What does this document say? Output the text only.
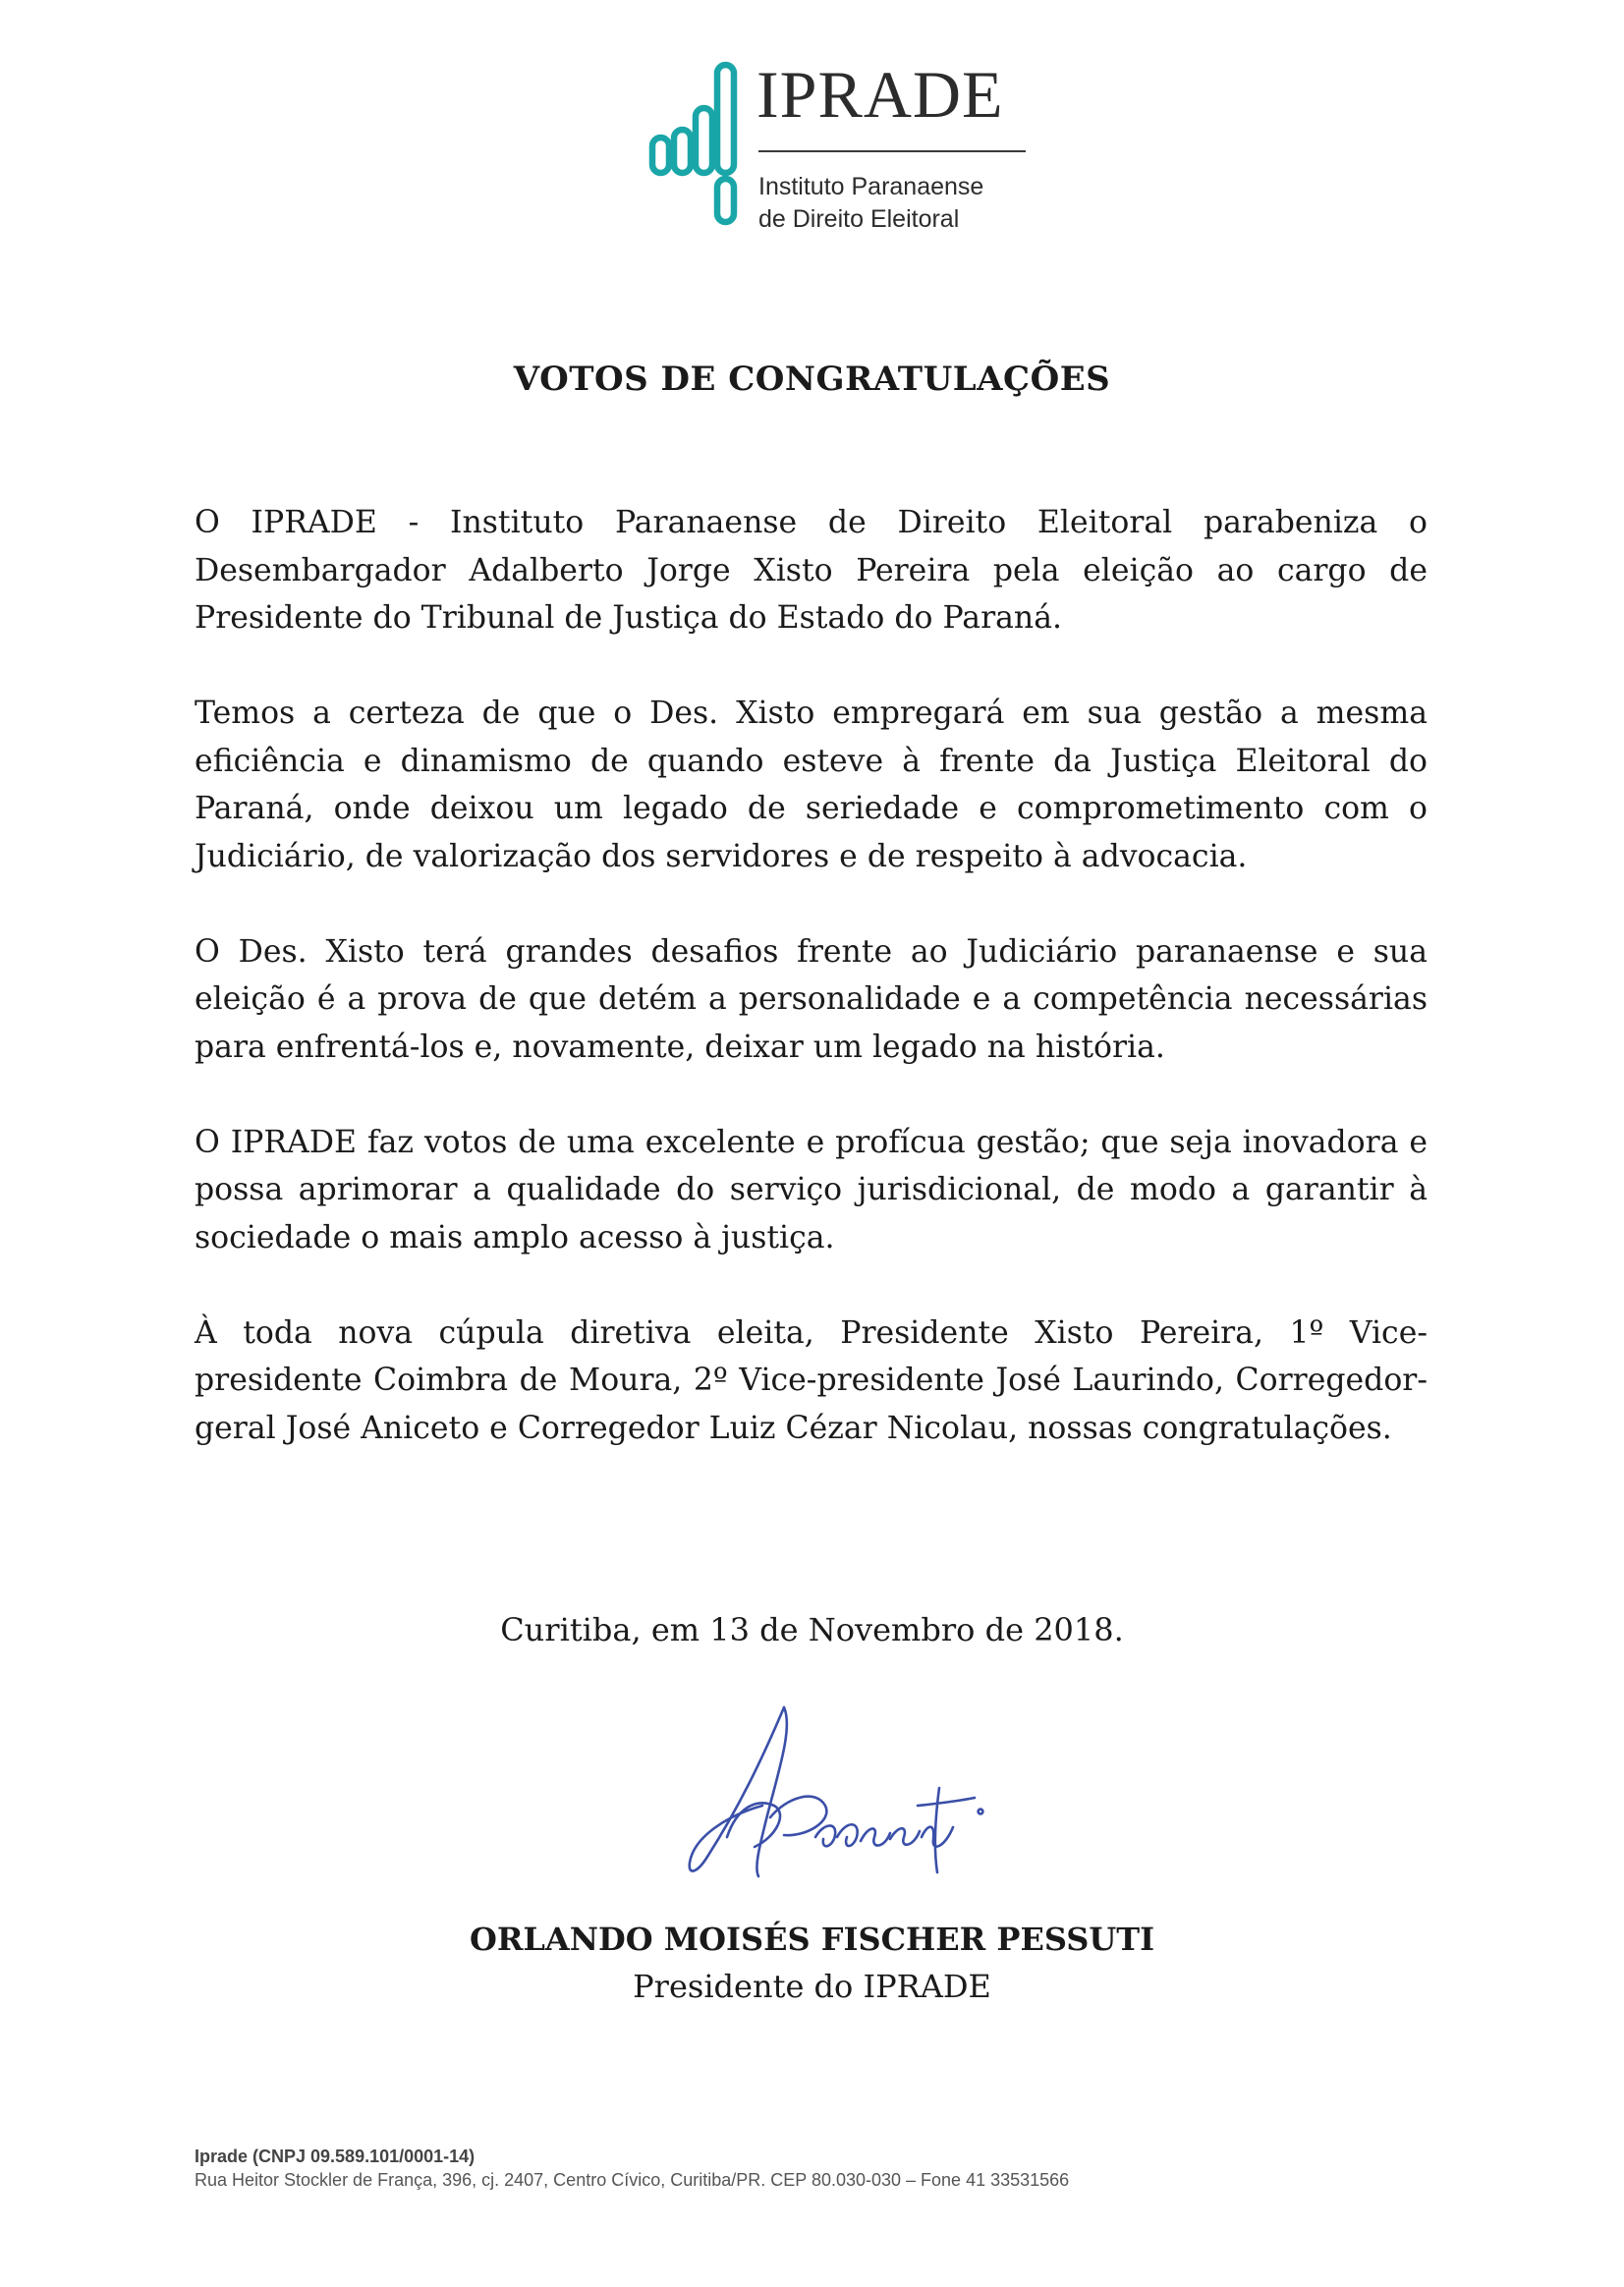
IPRADE
Instituto Paranaense
de Direito Eleitoral
VOTOS DE CONGRATULAÇÕES

O IPRADE - Instituto Paranaense de Direito Eleitoral parabeniza o Desembargador Adalberto Jorge Xisto Pereira pela eleição ao cargo de Presidente do Tribunal de Justiça do Estado do Paraná.

Temos a certeza de que o Des. Xisto empregará em sua gestão a mesma eficiência e dinamismo de quando esteve à frente da Justiça Eleitoral do Paraná, onde deixou um legado de seriedade e comprometimento com o Judiciário, de valorização dos servidores e de respeito à advocacia.

O Des. Xisto terá grandes desafios frente ao Judiciário paranaense e sua eleição é a prova de que detém a personalidade e a competência necessárias para enfrentá-los e, novamente, deixar um legado na história.

O IPRADE faz votos de uma excelente e profícua gestão; que seja inovadora e possa aprimorar a qualidade do serviço jurisdicional, de modo a garantir à sociedade o mais amplo acesso à justiça.

À toda nova cúpula diretiva eleita, Presidente Xisto Pereira, 1º Vice-presidente Coimbra de Moura, 2º Vice-presidente José Laurindo, Corregedor-geral José Aniceto e Corregedor Luiz Cézar Nicolau, nossas congratulações.

Curitiba, em 13 de Novembro de 2018.
ORLANDO MOISÉS FISCHER PESSUTI
Presidente do IPRADE
Iprade (CNPJ 09.589.101/0001-14)
Rua Heitor Stockler de França, 396, cj. 2407, Centro Cívico, Curitiba/PR. CEP 80.030-030 – Fone 41 33531566
